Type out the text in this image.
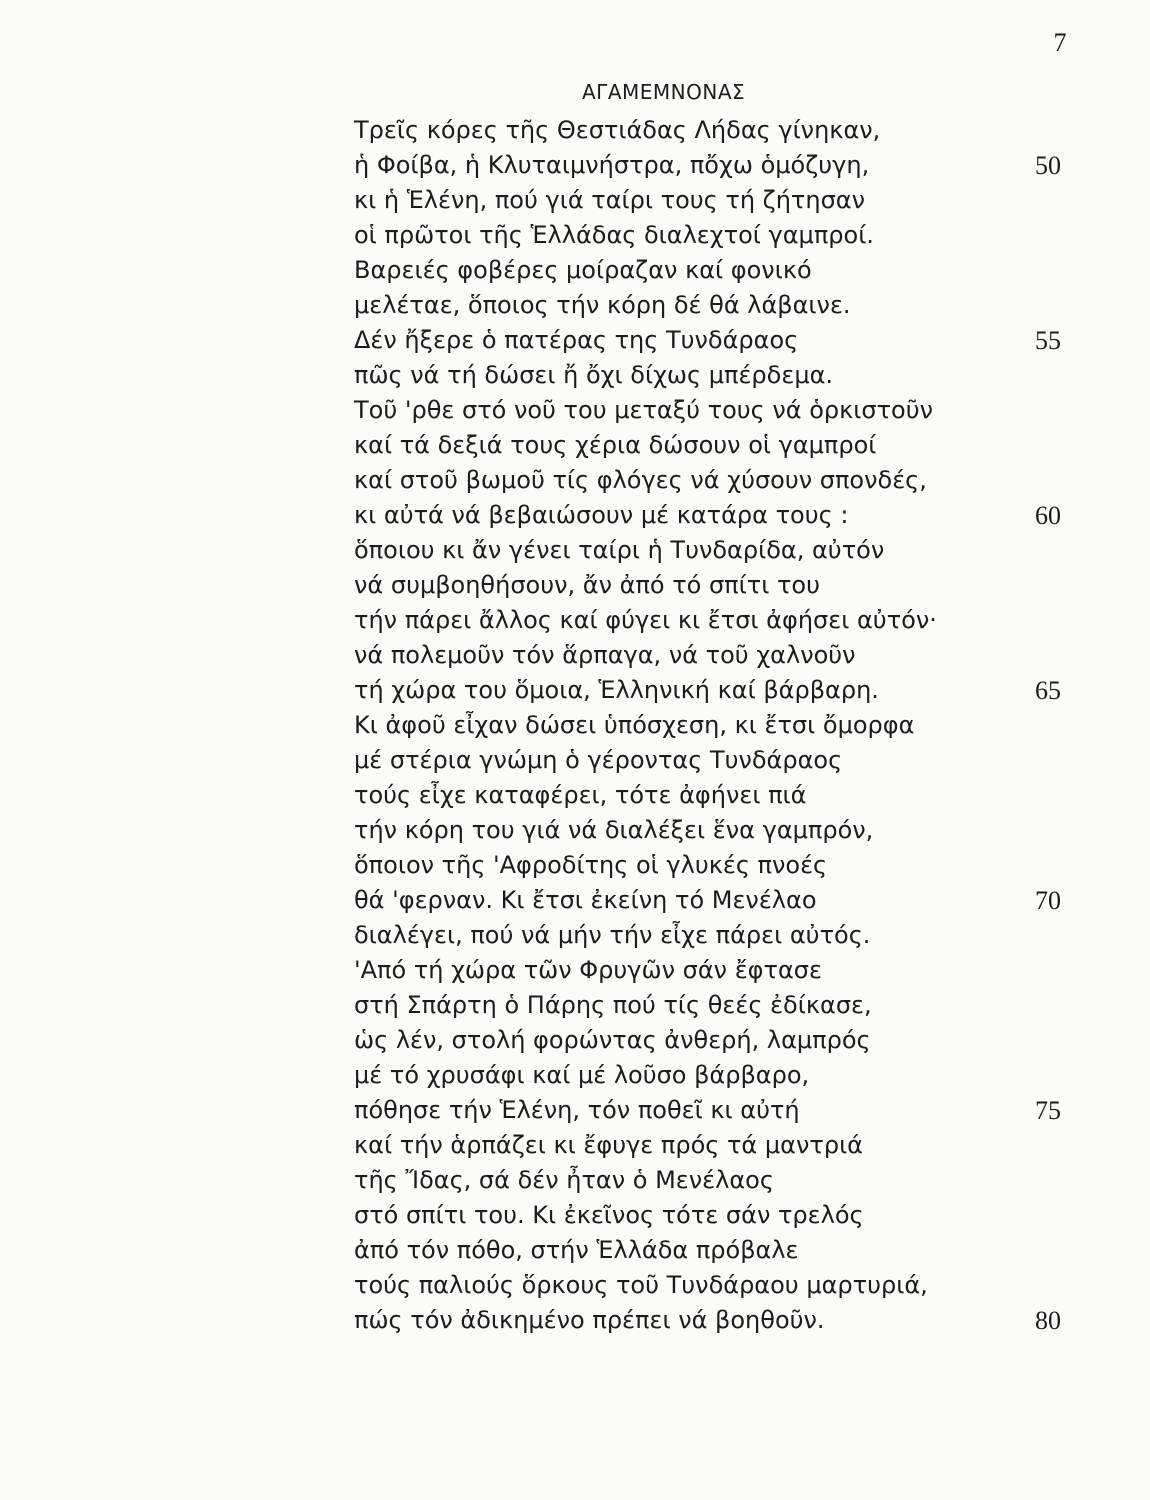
7
ΑΓΑΜΕΜΝΟΝΑΣ
Τρεῖς κόρες τῆς Θεστιάδας Λήδας γίνηκαν,
ἡ Φοίβα, ἡ Κλυταιμνήστρα, πὄχω ὁμόζυγη,	50
κι ἡ Ἑλένη, πού γιά ταίρι τους τή ζήτησαν
οἱ πρῶτοι τῆς Ἑλλάδας διαλεχτοί γαμπροί.
Βαρειές φοβέρες μοίραζαν καί φονικό
μελέταε, ὅποιος τήν κόρη δέ θά λάβαινε.
Δέν ἤξερε ὁ πατέρας της Τυνδάραος	55
πῶς νά τή δώσει ἤ ὄχι δίχως μπέρδεμα.
Τοῦ 'ρθε στό νοῦ του μεταξύ τους νά ὁρκιστοῦν
καί τά δεξιά τους χέρια δώσουν οἱ γαμπροί
καί στοῦ βωμοῦ τίς φλόγες νά χύσουν σπονδές,
κι αὐτά νά βεβαιώσουν μέ κατάρα τους :	60
ὅποιου κι ἄν γένει ταίρι ἡ Τυνδαρίδα, αὐτόν
νά συμβοηθήσουν, ἄν ἀπό τό σπίτι του
τήν πάρει ἄλλος καί φύγει κι ἔτσι ἀφήσει αὐτόν·
νά πολεμοῦν τόν ἅρπαγα, νά τοῦ χαλνοῦν
τή χώρα του ὅμοια, Ἑλληνική καί βάρβαρη.	65
Κι ἀφοῦ εἶχαν δώσει ὑπόσχεση, κι ἔτσι ὄμορφα
μέ στέρια γνώμη ὁ γέροντας Τυνδάραος
τούς εἶχε καταφέρει, τότε ἀφήνει πιά
τήν κόρη του γιά νά διαλέξει ἕνα γαμπρόν,
ὅποιον τῆς 'Αφροδίτης οἱ γλυκές πνοές
θά 'φερναν. Κι ἔτσι ἐκείνη τό Μενέλαο	70
διαλέγει, πού νά μήν τήν εἶχε πάρει αὐτός.
'Από τή χώρα τῶν Φρυγῶν σάν ἔφτασε
στή Σπάρτη ὁ Πάρης πού τίς θεές ἐδίκασε,
ὡς λέν, στολή φορώντας ἀνθερή, λαμπρός
μέ τό χρυσάφι καί μέ λοῦσο βάρβαρο,
πόθησε τήν Ἑλένη, τόν ποθεῖ κι αὐτή	75
καί τήν ἁρπάζει κι ἔφυγε πρός τά μαντριά
τῆς Ἴδας, σά δέν ἦταν ὁ Μενέλαος
στό σπίτι του. Κι ἐκεῖνος τότε σάν τρελός
ἀπό τόν πόθο, στήν Ἑλλάδα πρόβαλε
τούς παλιούς ὅρκους τοῦ Τυνδάραου μαρτυριά,
πώς τόν ἀδικημένο πρέπει νά βοηθοῦν.	80
